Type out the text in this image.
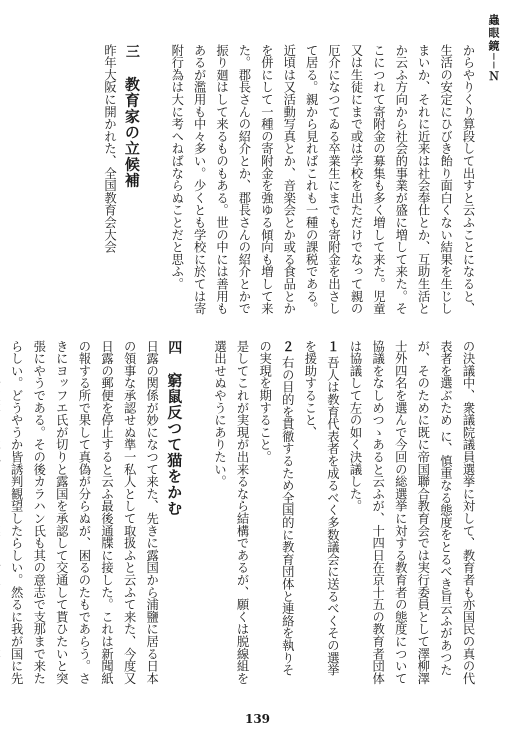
蟲眼鏡──Ｎ

からやりくり算段して出すと云ふことになると、生活の安定にひびき飴り面白くない結果を生じしまいか、それに近来は社会奉仕とか、互助生活とか云ふ方向から社会的事業が盛に増して来た。そこにつれて寄附金の募集も多く増して来た。児童又は生徒にまで或は学校を出ただけでなって親の厄介になつてゐる卒業生にまでも寄附金を出さして居る。親から見ればこれも一種の課税である。近頃は又活動写真とか、音楽会とか或る食品とかを併にして一種の寄附金を強ゆる傾向も増して来た。郡長さんの紹介とか、郡長さんの紹介とかで振り廻はして来るものもある。世の中には善用もあるが濫用も中々多い。少くとも学校に於ては寄附行為は大に考へねばならぬことだと思ふ。

三 教育家の立候補

昨年大阪に開かれた、全国教育会大会

の決議中、衆議院議員選挙に対して、教育者も亦国民の真の代表者を選ぶため に、慎重なる態度をとるべき旨云ふがあつたが、そのために既に帝国聯合教育会では実行委員として澤柳澤士外四名を選んで今回の総選挙に対する教育者の態度について協議をなしめつゝあると云ふが、十四日在京十五の教育者団体は協議して左の如く決議した。

１ 吾人は教育代表者を成るべく多数議会に送るべくその選挙を援助すること、
２ 右の目的を貫徹するため全国的に教育団体と連絡を執りその実現を期すること。

是してこれが実現が出来るなら結構であるが、願くは脱線組を選出せぬやうにありたい。

四 窮鼠反つて猫をかむ

日露の関係が妙になつて来た、先きに露国から浦鹽に居る日本の領事な承認せぬ準一私人として取扱ふと云ふて来た、今度又日露の郵便を停止すると云ふ最後通牒に接した。これは新聞紙の報する所で果して真偽が分らぬが、困るのたもであらう。さきにヨッフエ氏が切りと露国を承認して交通して貰ひたいと突張にやうである。その後カラハン氏も其の意志で支那まで来たらしい。どうやうか皆誘判観望したらしい。然るに我が国に先

139
